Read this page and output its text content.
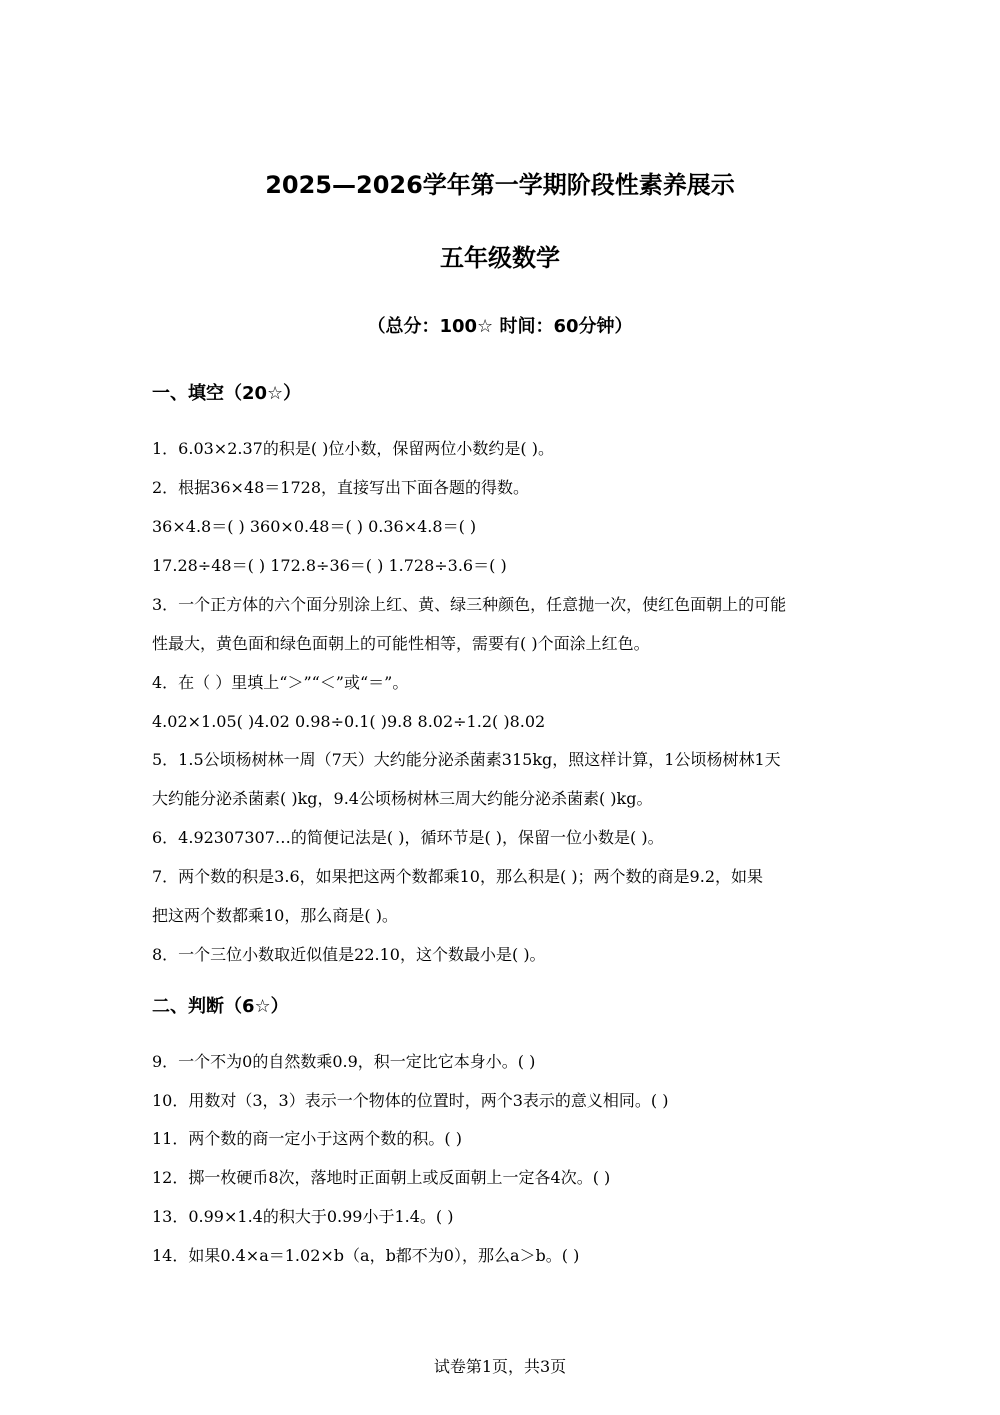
2025—2026学年第一学期阶段性素养展示
五年级数学
（总分：100☆ 时间：60分钟）
一、填空（20☆）
1．6.03×2.37的积是( )位小数，保留两位小数约是( )。
2．根据36×48＝1728，直接写出下面各题的得数。
36×4.8＝( ) 360×0.48＝( ) 0.36×4.8＝( )
17.28÷48＝( ) 172.8÷36＝( ) 1.728÷3.6＝( )
3．一个正方体的六个面分别涂上红、黄、绿三种颜色，任意抛一次，使红色面朝上的可能
性最大，黄色面和绿色面朝上的可能性相等，需要有( )个面涂上红色。
4．在（ ）里填上“＞”“＜”或“＝”。
4.02×1.05( )4.02 0.98÷0.1( )9.8 8.02÷1.2( )8.02
5．1.5公顷杨树林一周（7天）大约能分泌杀菌素315kg，照这样计算，1公顷杨树林1天
大约能分泌杀菌素( )kg，9.4公顷杨树林三周大约能分泌杀菌素( )kg。
6．4.92307307…的简便记法是( )，循环节是( )，保留一位小数是( )。
7．两个数的积是3.6，如果把这两个数都乘10，那么积是( )；两个数的商是9.2，如果
把这两个数都乘10，那么商是( )。
8．一个三位小数取近似值是22.10，这个数最小是( )。
二、判断（6☆）
9．一个不为0的自然数乘0.9，积一定比它本身小。( )
10．用数对（3，3）表示一个物体的位置时，两个3表示的意义相同。( )
11．两个数的商一定小于这两个数的积。( )
12．掷一枚硬币8次，落地时正面朝上或反面朝上一定各4次。( )
13．0.99×1.4的积大于0.99小于1.4。( )
14．如果0.4×a＝1.02×b（a，b都不为0），那么a＞b。( )
试卷第1页，共3页
